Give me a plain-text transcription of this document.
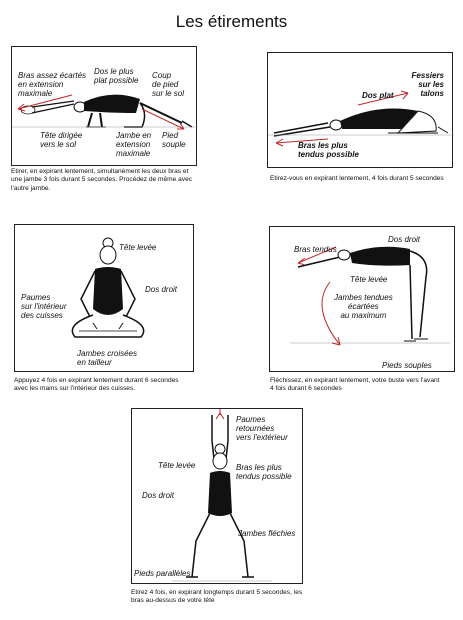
Les étirements
Bras assez écartés
en extension
maximale
Dos le plus
plat possible
Coup
de pied
sur le sol
Tête dirigée
vers le sol
Jambe en
extension
maximale
Pied
souple
Etirer, en expirant lentement, simultanément les deux bras et
une jambe 3 fois durant 5 secondes. Procédez de même avec
l'autre jambe.
Fessiers
sur les
talons
Dos plat
Bras les plus
tendus possible
Etirez-vous en expirant lentement, 4 fois durant 5 secondes
Tête levée
Dos droit
Paumes
sur l'intérieur
des cuisses
Jambes croisées
en tailleur
Appuyez 4 fois en expirant lentement durant 6 secondes
avec les mains sur l'intérieur des cuisses.
Bras tendus
Dos droit
Tête levée
Jambes tendues
écartées
au maximum
Pieds souples
Fléchissez, en expirant lentement, votre buste vers l'avant
4 fois durant 6 secondes
Paumes
retournées
vers l'extérieur
Tête levée	Bras les plus
tendus possible
Dos droit
Jambes fléchies
Pieds parallèles
Etirez 4 fois, en expirant longtemps durant 5 secondes, les
bras au-dessus de votre tête
